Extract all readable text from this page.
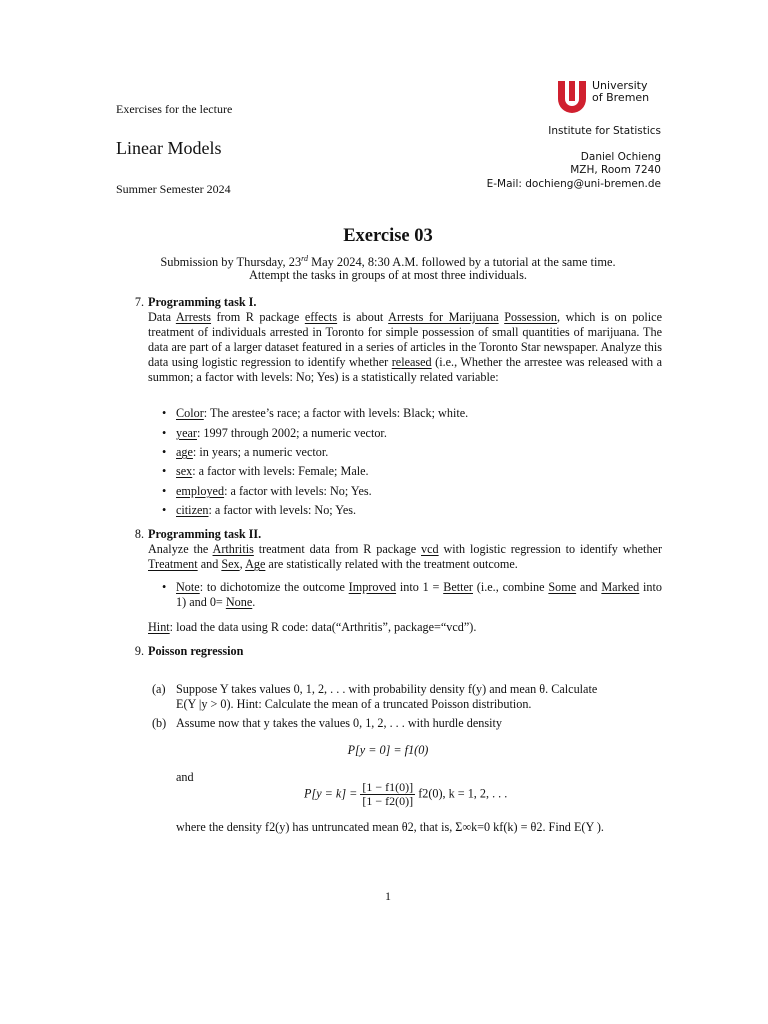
Exercises for the lecture
Linear Models
Summer Semester 2024
University
of Bremen
Institute for Statistics
Daniel Ochieng
MZH, Room 7240
E-Mail: dochieng@uni-bremen.de
Exercise 03
Submission by Thursday, 23rd May 2024, 8:30 A.M. followed by a tutorial at the same time.
Attempt the tasks in groups of at most three individuals.
7. Programming task I.
Data Arrests from R package effects is about Arrests for Marijuana Possession, which is on police treatment of individuals arrested in Toronto for simple possession of small quantities of marijuana. The data are part of a larger dataset featured in a series of articles in the Toronto Star newspaper. Analyze this data using logistic regression to identify whether released (i.e., Whether the arrestee was released with a summon; a factor with levels: No; Yes) is a statistically related variable:
• Color: The arestee’s race; a factor with levels: Black; white.
• year: 1997 through 2002; a numeric vector.
• age: in years; a numeric vector.
• sex: a factor with levels: Female; Male.
• employed: a factor with levels: No; Yes.
• citizen: a factor with levels: No; Yes.
8. Programming task II.
Analyze the Arthritis treatment data from R package vcd with logistic regression to identify whether Treatment and Sex, Age are statistically related with the treatment outcome.
• Note: to dichotomize the outcome Improved into 1 = Better (i.e., combine Some and Marked into 1) and 0= None.
Hint: load the data using R code: data(“Arthritis”, package=“vcd”).
9. Poisson regression
(a) Suppose Y takes values 0, 1, 2, . . . with probability density f(y) and mean θ. Calculate
E(Y |y > 0). Hint: Calculate the mean of a truncated Poisson distribution.
(b) Assume now that y takes the values 0, 1, 2, . . . with hurdle density
P[y = 0] = f1(0)
and
$P[y = k] = \frac{[1 - f1(0)]}{[1 - f2(0)]} f2(0)$, k = 1, 2, . . .
where the density f2(y) has untruncated mean θ2, that is, Σ∞k=0 kf(k) = θ2. Find E(Y ).
1
